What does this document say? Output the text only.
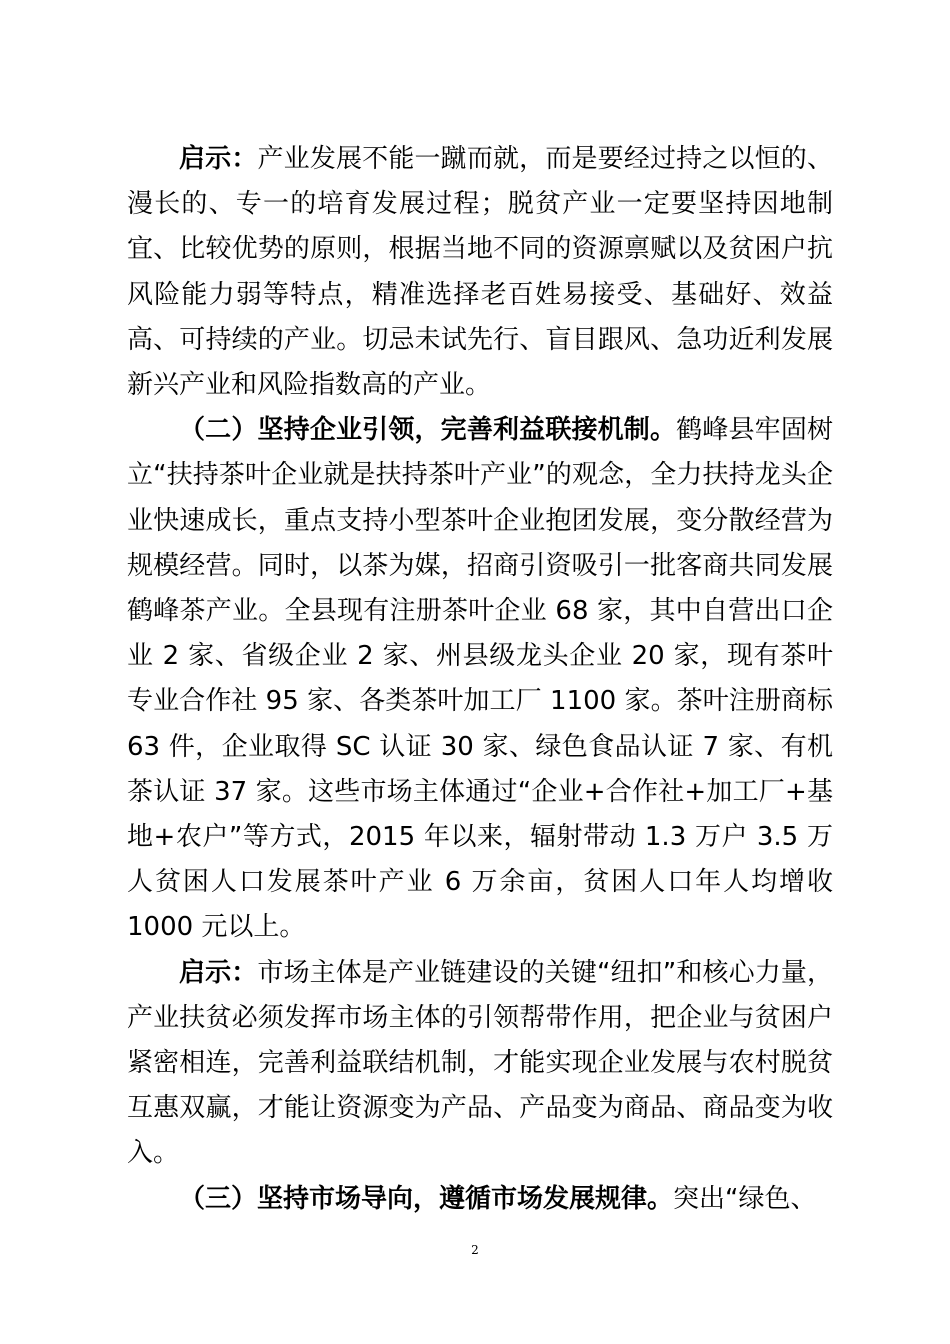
启示：产业发展不能一蹴而就，而是要经过持之以恒的、漫长的、专一的培育发展过程；脱贫产业一定要坚持因地制宜、比较优势的原则，根据当地不同的资源禀赋以及贫困户抗风险能力弱等特点，精准选择老百姓易接受、基础好、效益高、可持续的产业。切忌未试先行、盲目跟风、急功近利发展新兴产业和风险指数高的产业。

（二）坚持企业引领，完善利益联接机制。鹤峰县牢固树立“扶持茶叶企业就是扶持茶叶产业”的观念，全力扶持龙头企业快速成长，重点支持小型茶叶企业抱团发展，变分散经营为规模经营。同时，以茶为媒，招商引资吸引一批客商共同发展鹤峰茶产业。全县现有注册茶叶企业 68 家，其中自营出口企业 2 家、省级企业 2 家、州县级龙头企业 20 家，现有茶叶专业合作社 95 家、各类茶叶加工厂 1100 家。茶叶注册商标 63 件，企业取得 SC 认证 30 家、绿色食品认证 7 家、有机茶认证 37 家。这些市场主体通过“企业+合作社+加工厂+基地+农户”等方式，2015 年以来，辐射带动 1.3 万户 3.5 万人贫困人口发展茶叶产业 6 万余亩，贫困人口年人均增收 1000 元以上。

启示：市场主体是产业链建设的关键“纽扣”和核心力量，产业扶贫必须发挥市场主体的引领帮带作用，把企业与贫困户紧密相连，完善利益联结机制，才能实现企业发展与农村脱贫互惠双赢，才能让资源变为产品、产品变为商品、商品变为收入。

（三）坚持市场导向，遵循市场发展规律。突出“绿色、

2
